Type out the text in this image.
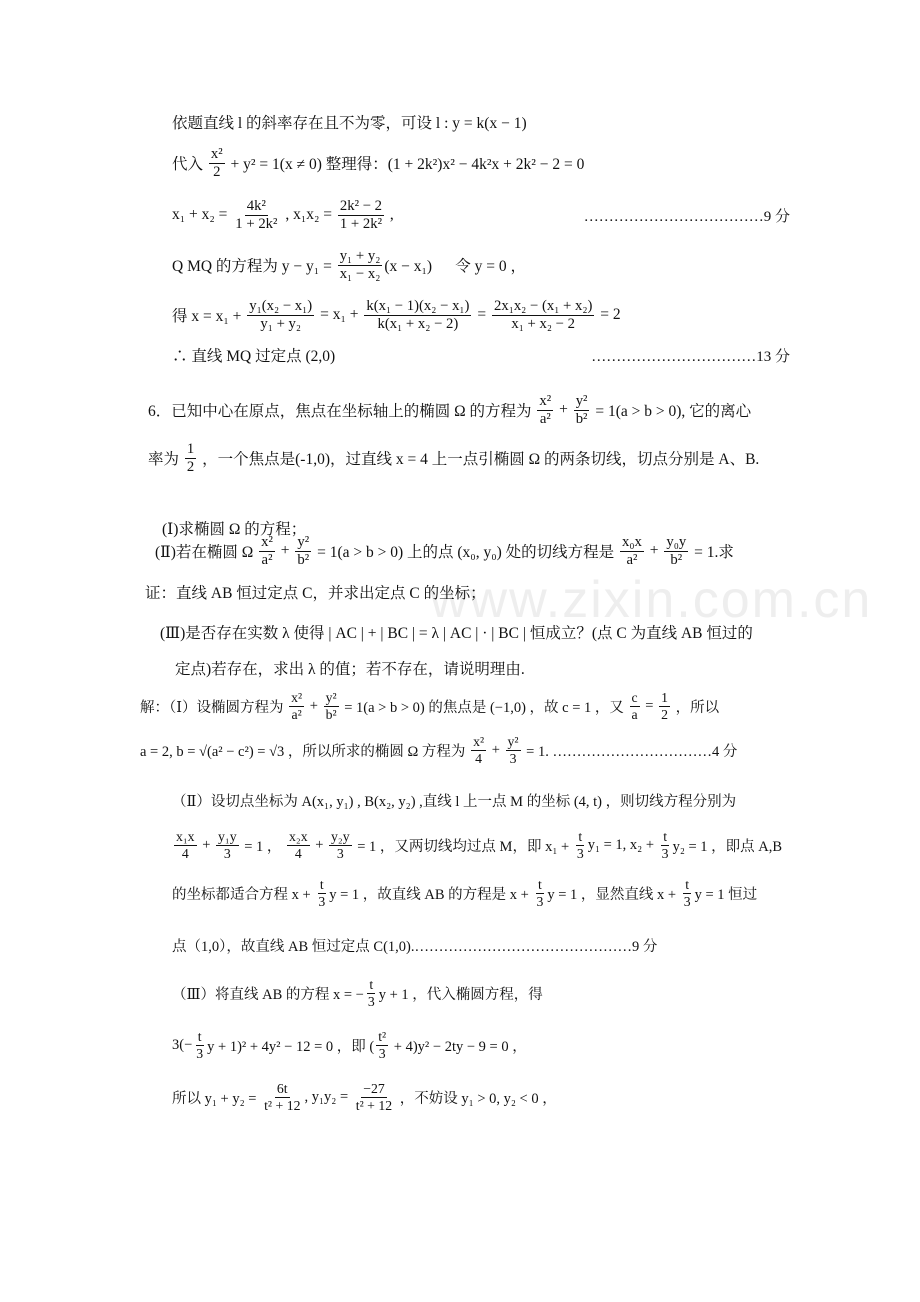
www.zixin.com.cn
依题直线 l 的斜率存在且不为零，可设 l : y = k(x − 1)
代入 $\frac{\text{x²}}{2} + y^2 = 1(x \ne 0)$ 整理得：(1 + 2k²)x² − 4k²x + 2k² − 2 = 0
$x_1 + x_2 = \frac{\text{4k²}}{\text{1 + 2k²}}$ , $x_1x_2 = \frac{\text{2k² − 2}}{\text{1 + 2k²}}$ ,	………………………………9 分
Q MQ 的方程为 $y - y_1 = \frac{\text{y₁ + y₂}}{\text{x₁ − x₂}} (x - x_1)$      令 y = 0 ，
得 $x = x_1 + \frac{\text{y₁(x₂ − x₁)}}{\text{y₁ + y₂}} = x_1 + \frac{\text{k(x₁ − 1)(x₂ − x₁)}}{\text{k(x₁ + x₂ − 2)}} = \frac{\text{2x₁x₂ − (x₁ + x₂)}}{\text{x₁ + x₂ − 2}} = 2$
∴ 直线 MQ 过定点 (2,0)	……………………………13 分
6．已知中心在原点，焦点在坐标轴上的椭圆 Ω 的方程为 $\frac{\text{x²}}{\text{a²}} + \frac{\text{y²}}{\text{b²}} = 1(a > b > 0)$, 它的离心
率为 $\frac{1}{2}$ ，一个焦点是(-1,0)，过直线 x = 4 上一点引椭圆 Ω 的两条切线，切点分别是 A、B.
(Ⅰ)求椭圆 Ω 的方程；
(Ⅱ)若在椭圆 Ω $\frac{\text{x²}}{\text{a²}} + \frac{\text{y²}}{\text{b²}} = 1(a > b > 0)$ 上的点 (x₀, y₀) 处的切线方程是 $\frac{\text{x₀x}}{\text{a²}} + \frac{\text{y₀y}}{\text{b²}} = 1$.求
证：直线 AB 恒过定点 C，并求出定点 C 的坐标；
(Ⅲ)是否存在实数 λ 使得 | AC | + | BC | = λ | AC | · | BC | 恒成立？(点 C 为直线 AB 恒过的
定点)若存在，求出 λ 的值；若不存在，请说明理由.
解：（Ⅰ）设椭圆方程为 $\frac{\text{x²}}{\text{a²}} + \frac{\text{y²}}{\text{b²}} = 1(a > b > 0)$ 的焦点是 (−1,0) ，故 c = 1 ，又 $\frac{c}{a} = \frac{1}{2}$ ，所以
a = 2, b = √(a² − c²) = √3 ，所以所求的椭圆 Ω 方程为 $\frac{\text{x²}}{4} + \frac{\text{y²}}{3} = 1$. ……………………………4 分
（Ⅱ）设切点坐标为 A(x₁, y₁) , B(x₂, y₂) ,直线 l 上一点 M 的坐标 (4, t) ，则切线方程分别为
$\frac{\text{x₁x}}{4} + \frac{\text{y₁y}}{3} = 1$ ， $\frac{\text{x₂x}}{4} + \frac{\text{y₂y}}{3} = 1$ ，又两切线均过点 M，即 $x_1 + \frac{t}{3} y_1 = 1$, $x_2 + \frac{t}{3} y_2 = 1$ ，即点 A,B
的坐标都适合方程 $x + \frac{t}{3}$ y = 1 ，故直线 AB 的方程是 $x + \frac{t}{3}$ y = 1 ，显然直线 $x + \frac{t}{3}$ y = 1 恒过
点（1,0），故直线 AB 恒过定点 C(1,0).………………………………………9 分
（Ⅲ）将直线 AB 的方程 x = − $\frac{t}{3}$ y + 1 ，代入椭圆方程，得
$3(- \frac{t}{3}$ y + 1)² + 4y² − 12 = 0 ，即 ( $\frac{\text{t²}}{3} + 4)y^2 - 2ty - 9 = 0$ ，
所以 $y_1 + y_2 = \frac{6t}{\text{t² + 12}}$ , $y_1y_2 = \frac{-27}{\text{t² + 12}}$ ，不妨设 y₁ > 0, y₂ < 0 ，
